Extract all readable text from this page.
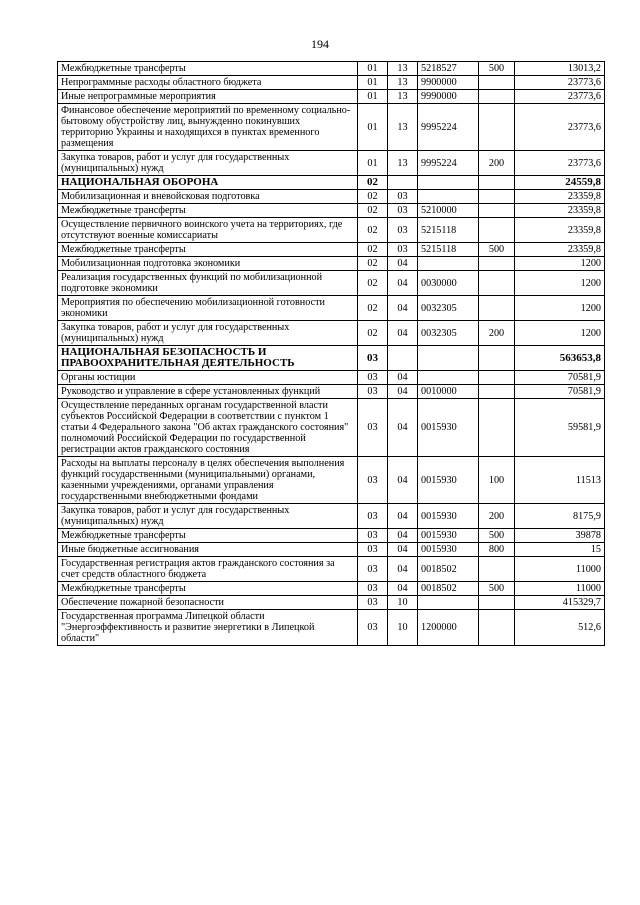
194
Межбюджетные трансферты	01	13	5218527	500	13013,2
Непрограммные расходы областного бюджета	01	13	9900000		23773,6
Иные непрограммные мероприятия	01	13	9990000		23773,6
Финансовое обеспечение мероприятий по временному социально-бытовому обустройству лиц, вынужденно покинувших территорию Украины и находящихся в пунктах временного размещения	01	13	9995224		23773,6
Закупка товаров, работ и услуг для государственных (муниципальных) нужд	01	13	9995224	200	23773,6
НАЦИОНАЛЬНАЯ ОБОРОНА	02				24559,8
Мобилизационная и вневойсковая подготовка	02	03			23359,8
Межбюджетные трансферты	02	03	5210000		23359,8
Осуществление первичного воинского учета на территориях, где отсутствуют военные комиссариаты	02	03	5215118		23359,8
Межбюджетные трансферты	02	03	5215118	500	23359,8
Мобилизационная подготовка экономики	02	04			1200
Реализация государственных функций по мобилизационной подготовке экономики	02	04	0030000		1200
Мероприятия по обеспечению мобилизационной готовности экономики	02	04	0032305		1200
Закупка товаров, работ и услуг для государственных (муниципальных) нужд	02	04	0032305	200	1200
НАЦИОНАЛЬНАЯ БЕЗОПАСНОСТЬ И ПРАВООХРАНИТЕЛЬНАЯ ДЕЯТЕЛЬНОСТЬ	03				563653,8
Органы юстиции	03	04			70581,9
Руководство и управление в сфере установленных функций	03	04	0010000		70581,9
Осуществление переданных органам государственной власти субъектов Российской Федерации в соответствии с пунктом 1 статьи 4 Федерального закона "Об актах гражданского состояния" полномочий Российской Федерации по государственной регистрации актов гражданского состояния	03	04	0015930		59581,9
Расходы на выплаты персоналу в целях обеспечения выполнения функций государственными (муниципальными) органами, казенными учреждениями, органами управления государственными внебюджетными фондами	03	04	0015930	100	11513
Закупка товаров, работ и услуг для государственных (муниципальных) нужд	03	04	0015930	200	8175,9
Межбюджетные трансферты	03	04	0015930	500	39878
Иные бюджетные ассигнования	03	04	0015930	800	15
Государственная регистрация актов гражданского состояния за счет средств областного бюджета	03	04	0018502		11000
Межбюджетные трансферты	03	04	0018502	500	11000
Обеспечение пожарной безопасности	03	10			415329,7
Государственная программа Липецкой области "Энергоэффективность и развитие энергетики в Липецкой области"	03	10	1200000		512,6
